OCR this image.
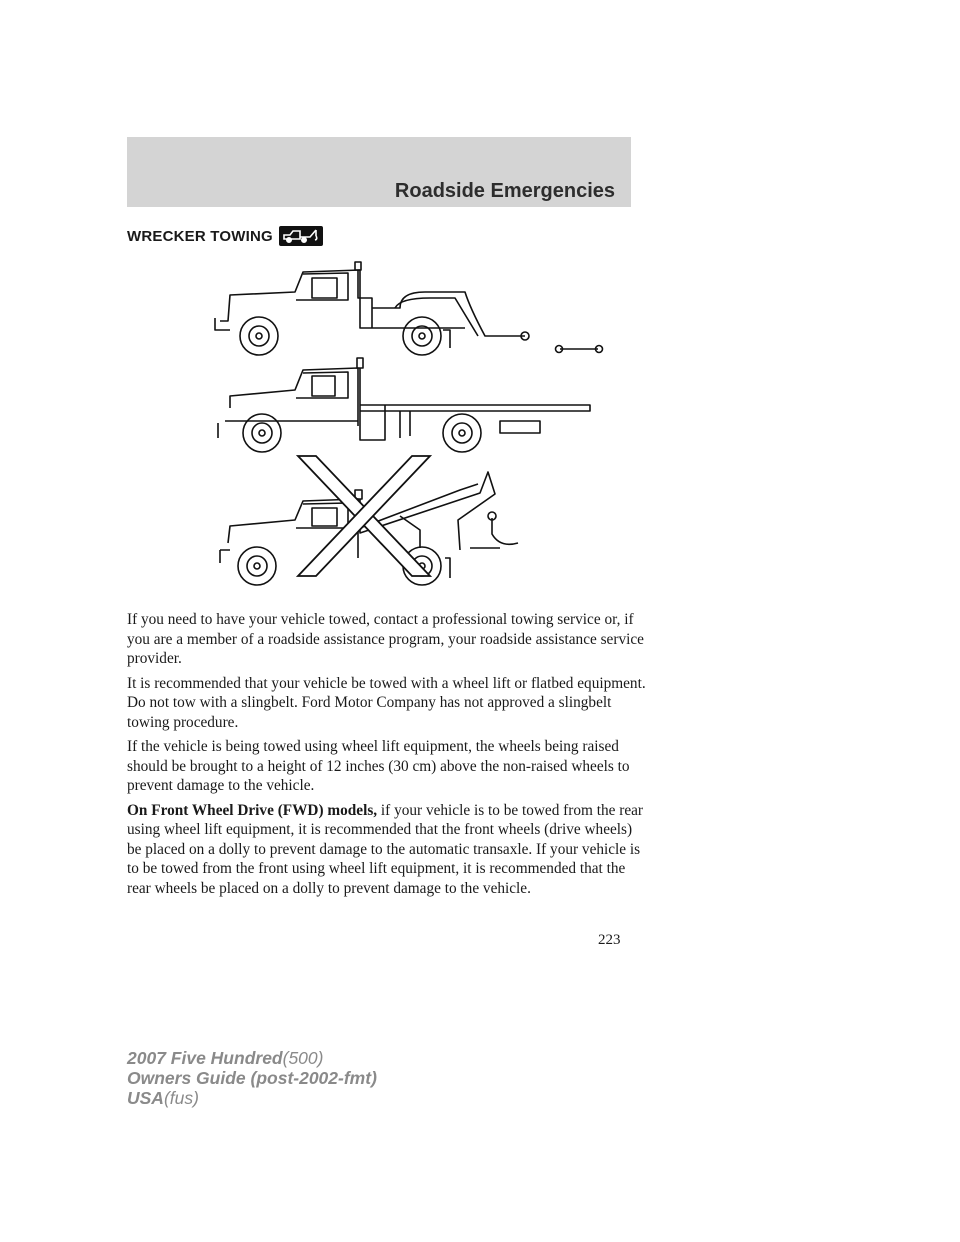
Roadside Emergencies
WRECKER TOWING

If you need to have your vehicle towed, contact a professional towing service or, if you are a member of a roadside assistance program, your roadside assistance service provider.

It is recommended that your vehicle be towed with a wheel lift or flatbed equipment. Do not tow with a slingbelt. Ford Motor Company has not approved a slingbelt towing procedure.

If the vehicle is being towed using wheel lift equipment, the wheels being raised should be brought to a height of 12 inches (30 cm) above the non-raised wheels to prevent damage to the vehicle.

On Front Wheel Drive (FWD) models, if your vehicle is to be towed from the rear using wheel lift equipment, it is recommended that the front wheels (drive wheels) be placed on a dolly to prevent damage to the automatic transaxle. If your vehicle is to be towed from the front using wheel lift equipment, it is recommended that the rear wheels be placed on a dolly to prevent damage to the vehicle.

223
2007 Five Hundred(500)
Owners Guide (post-2002-fmt)
USA(fus)
